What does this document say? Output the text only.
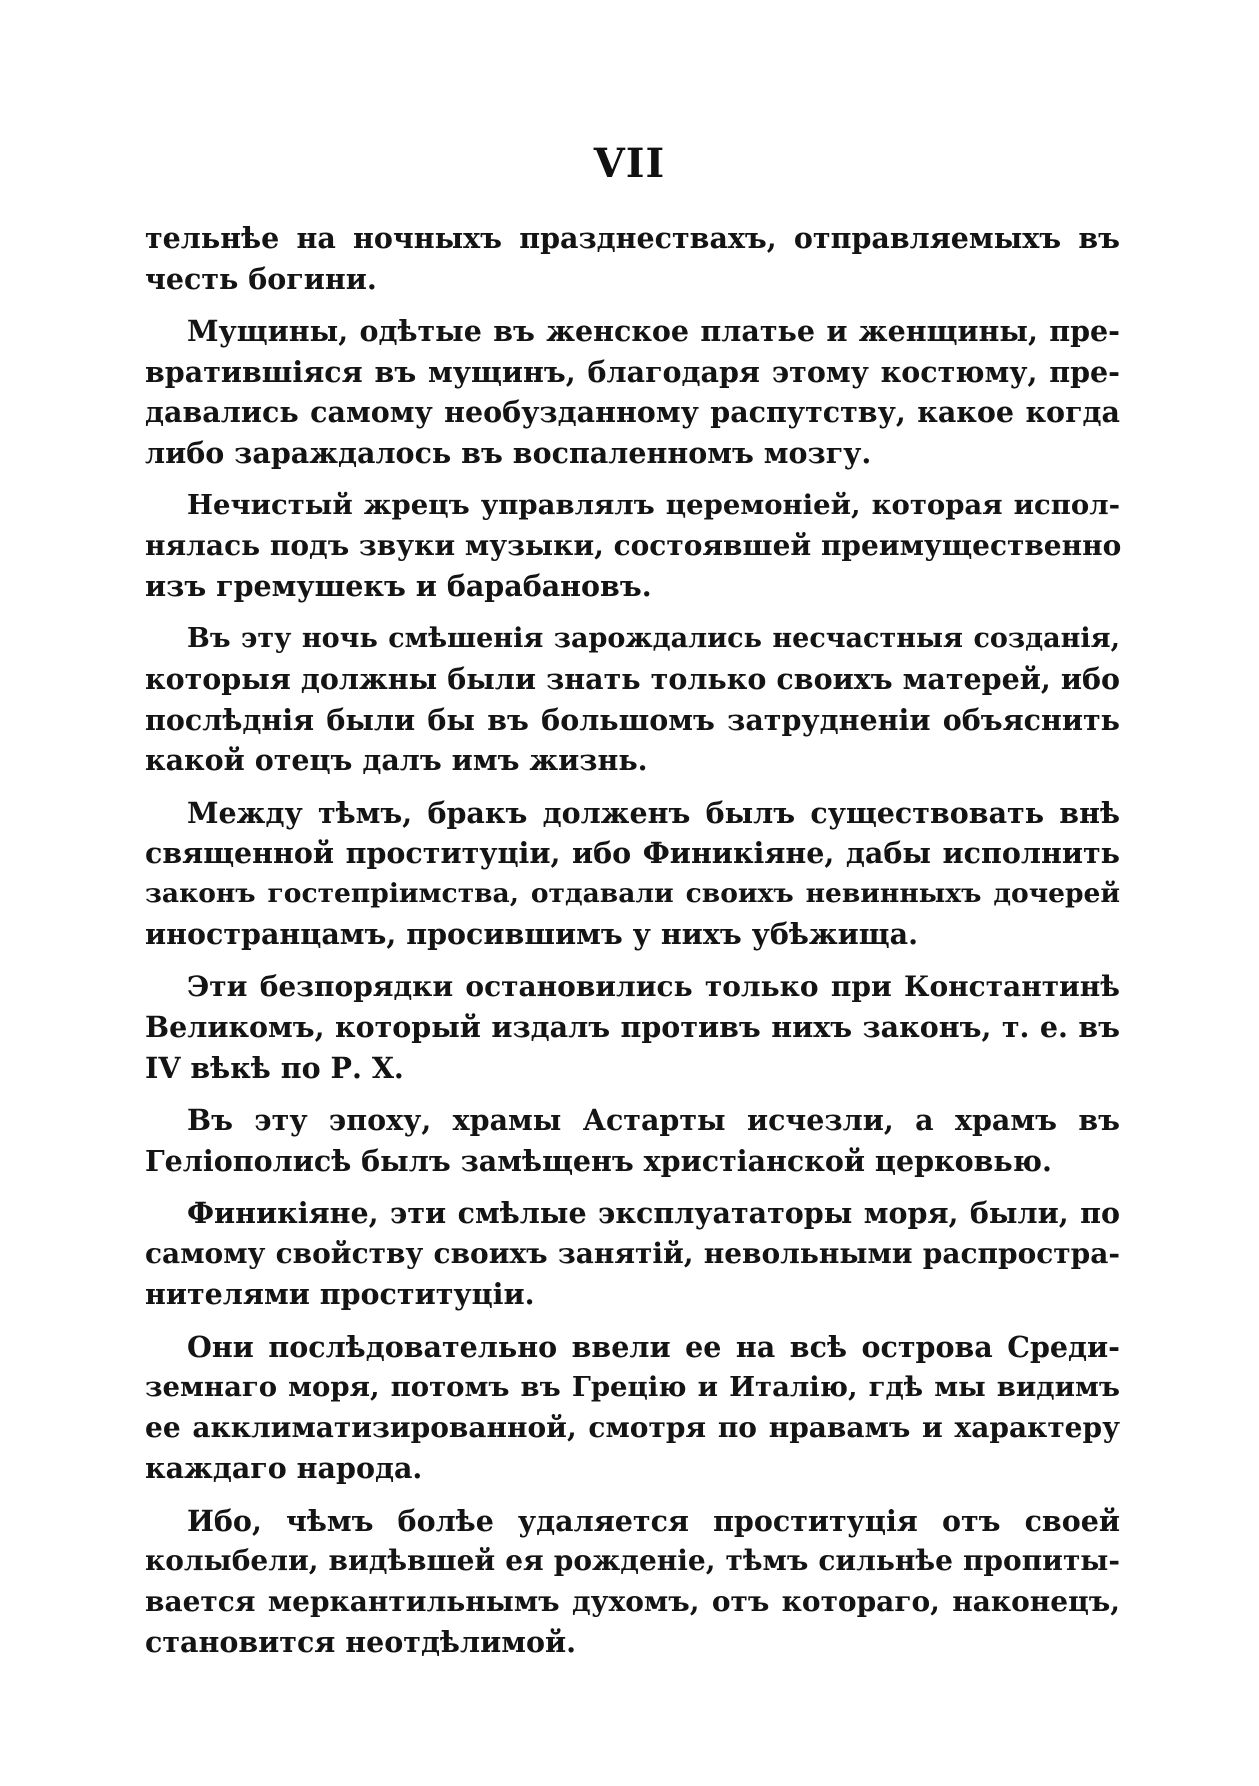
VII
тельнѣе на ночныхъ празднествахъ, отправляемыхъ въ
честь богини.
Мущины, одѣтые въ женское платье и женщины, пре-
вратившіяся въ мущинъ, благодаря этому костюму, пре-
давались самому необузданному распутству, какое когда
либо зараждалось въ воспаленномъ мозгу.
Нечистый жрецъ управлялъ церемоніей, которая испол-
нялась подъ звуки музыки, состоявшей преимущественно
изъ гремушекъ и барабановъ.
Въ эту ночь смѣшенія зарождались несчастныя созданія,
которыя должны были знать только своихъ матерей, ибо
послѣднія были бы въ большомъ затрудненіи объяснить
какой отецъ далъ имъ жизнь.
Между тѣмъ, бракъ долженъ былъ существовать внѣ
священной проституціи, ибо Финикіяне, дабы исполнить
законъ гостепріимства, отдавали своихъ невинныхъ дочерей
иностранцамъ, просившимъ у нихъ убѣжища.
Эти безпорядки остановились только при Константинѣ
Великомъ, который издалъ противъ нихъ законъ, т. е. въ
IV вѣкѣ по Р. Х.
Въ эту эпоху, храмы Астарты исчезли, а храмъ въ
Геліополисѣ былъ замѣщенъ христіанской церковью.
Финикіяне, эти смѣлые эксплуататоры моря, были, по
самому свойству своихъ занятій, невольными распростра-
нителями проституціи.
Они послѣдовательно ввели ее на всѣ острова Среди-
земнаго моря, потомъ въ Грецію и Италію, гдѣ мы видимъ
ее акклиматизированной, смотря по нравамъ и характеру
каждаго народа.
Ибо, чѣмъ болѣе удаляется проституція отъ своей
колыбели, видѣвшей ея рожденіе, тѣмъ сильнѣе пропиты-
вается меркантильнымъ духомъ, отъ котораго, наконецъ,
становится неотдѣлимой.
